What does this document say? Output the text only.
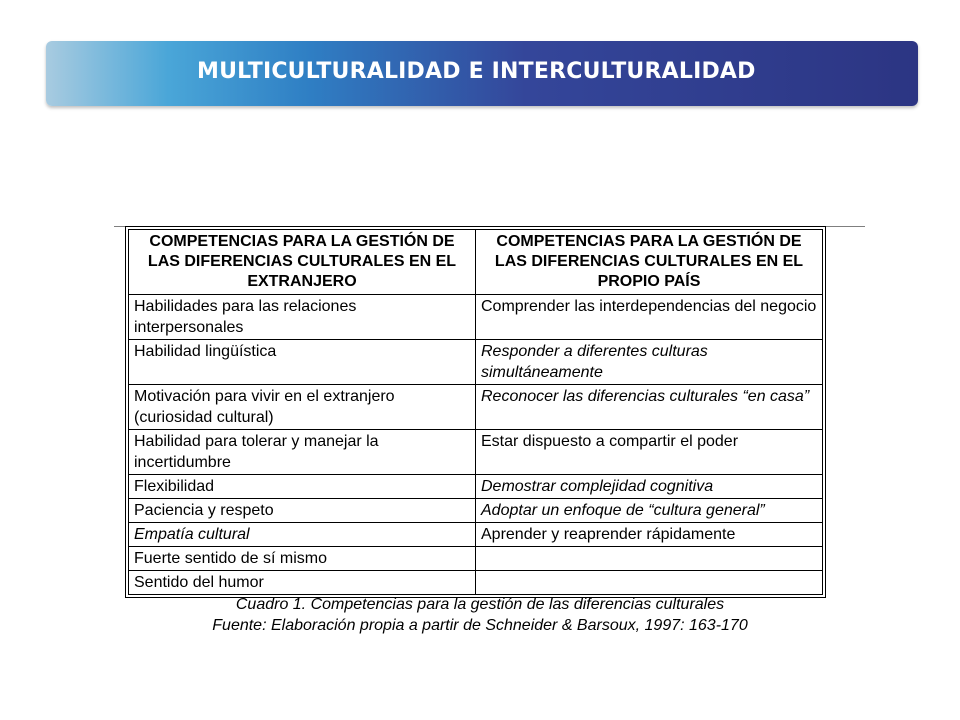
MULTICULTURALIDAD E INTERCULTURALIDAD
COMPETENCIAS PARA LA GESTIÓN DE LAS DIFERENCIAS CULTURALES EN EL EXTRANJERO	COMPETENCIAS PARA LA GESTIÓN DE LAS DIFERENCIAS CULTURALES EN EL PROPIO PAÍS
Habilidades para las relaciones interpersonales	Comprender las interdependencias del negocio
Habilidad lingüística	Responder a diferentes culturas simultáneamente
Motivación para vivir en el extranjero (curiosidad cultural)	Reconocer las diferencias culturales “en casa”
Habilidad para tolerar y manejar la incertidumbre	Estar dispuesto a compartir el poder
Flexibilidad	Demostrar complejidad cognitiva
Paciencia y respeto	Adoptar un enfoque de “cultura general”
Empatía cultural	Aprender y reaprender rápidamente
Fuerte sentido de sí mismo	
Sentido del humor	
Cuadro 1. Competencias para la gestión de las diferencias culturales
Fuente: Elaboración propia a partir de Schneider & Barsoux, 1997: 163-170
